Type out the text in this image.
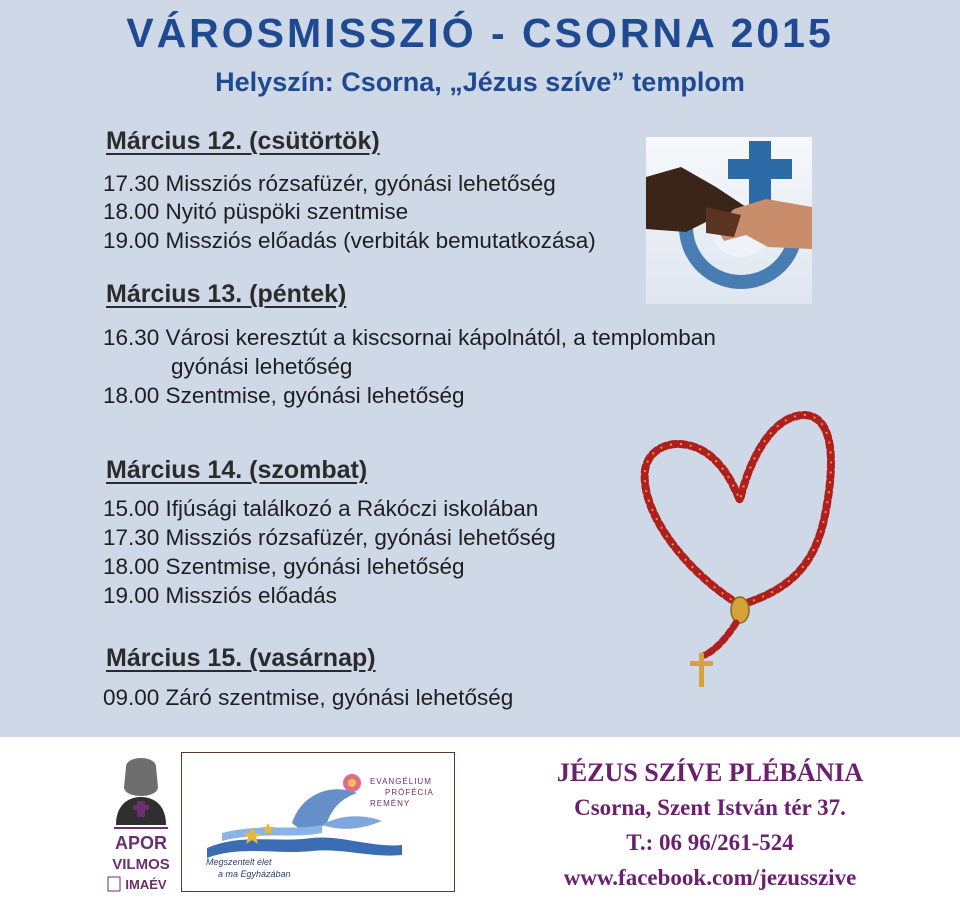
VÁROSMISSZIÓ - CSORNA 2015
Helyszín: Csorna, „Jézus szíve” templom
Március 12. (csütörtök)
17.30 Missziós rózsafüzér, gyónási lehetőség
18.00 Nyitó püspöki szentmise
19.00 Missziós előadás (verbiták bemutatkozása)
Március 13. (péntek)
16.30 Városi keresztút a kiscsornai kápolnától, a templomban
gyónási lehetőség
18.00 Szentmise, gyónási lehetőség
Március 14. (szombat)
15.00 Ifjúsági találkozó a Rákóczi iskolában
17.30 Missziós rózsafüzér, gyónási lehetőség
18.00 Szentmise, gyónási lehetőség
19.00 Missziós előadás
Március 15. (vasárnap)
09.00 Záró szentmise, gyónási lehetőség
APOR
VILMOS
IMAÉV
EVANGÉLIUM
PRÓFÉCIA
REMÉNY
Megszentelt élet
a ma Egyházában
JÉZUS SZÍVE PLÉBÁNIA
Csorna, Szent István tér 37.
T.: 06 96/261-524
www.facebook.com/jezusszive
